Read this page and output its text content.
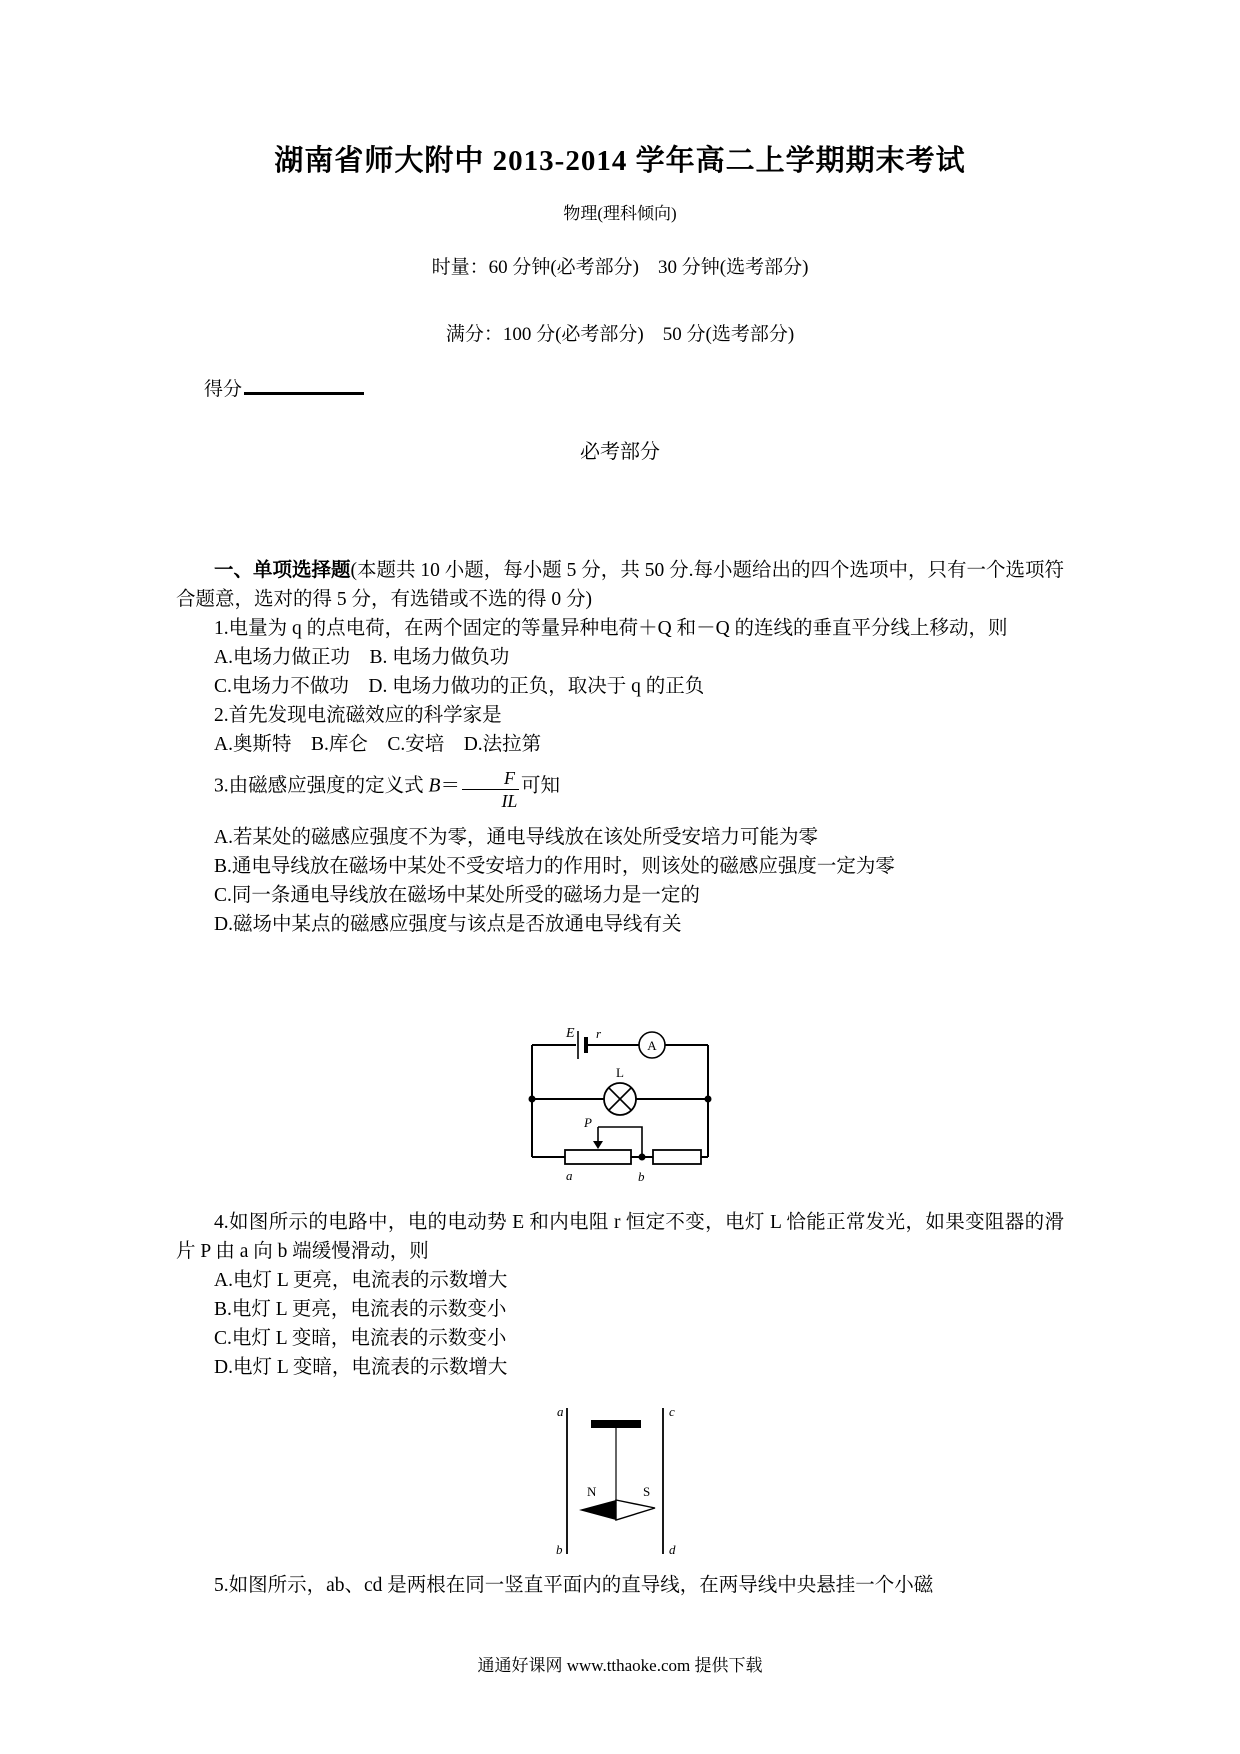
湖南省师大附中 2013-2014 学年高二上学期期末考试
物理(理科倾向)
时量：60 分钟(必考部分)　30 分钟(选考部分)
满分：100 分(必考部分)　50 分(选考部分)
得分
必考部分

一、单项选择题(本题共 10 小题，每小题 5 分，共 50 分.每小题给出的四个选项中，只有一个选项符合题意，选对的得 5 分，有选错或不选的得 0 分)

1.电量为 q 的点电荷，在两个固定的等量异种电荷＋Q 和－Q 的连线的垂直平分线上移动，则

A.电场力做正功　B. 电场力做负功

C.电场力不做功　D. 电场力做功的正负，取决于 q 的正负

2.首先发现电流磁效应的科学家是

A.奥斯特　B.库仑　C.安培　D.法拉第

3.由磁感应强度的定义式 $B= \frac{F}{IL}$ 可知

A.若某处的磁感应强度不为零，通电导线放在该处所受安培力可能为零

B.通电导线放在磁场中某处不受安培力的作用时，则该处的磁感应强度一定为零

C.同一条通电导线放在磁场中某处所受的磁场力是一定的

D.磁场中某点的磁感应强度与该点是否放通电导线有关

E r
A
L
P
a	b

4.如图所示的电路中，电的电动势 E 和内电阻 r 恒定不变，电灯 L 恰能正常发光，如果变阻器的滑片 P 由 a 向 b 端缓慢滑动，则

A.电灯 L 更亮，电流表的示数增大

B.电灯 L 更亮，电流表的示数变小

C.电灯 L 变暗，电流表的示数变小

D.电灯 L 变暗，电流表的示数增大

a
b
c
d
N	S

5.如图所示，ab、cd 是两根在同一竖直平面内的直导线，在两导线中央悬挂一个小磁

通通好课网 www.tthaoke.com 提供下载
